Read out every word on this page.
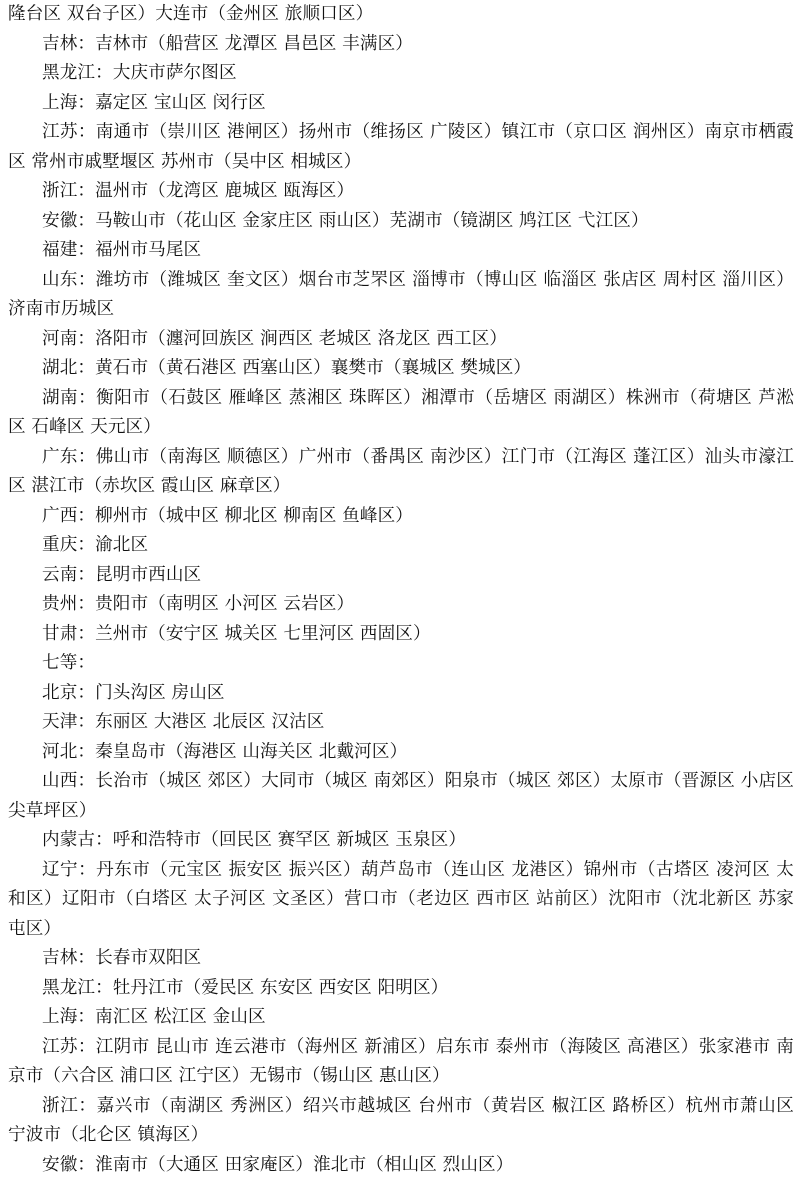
隆台区 双台子区）大连市（金州区 旅顺口区）

吉林：吉林市（船营区 龙潭区 昌邑区 丰满区）

黑龙江：大庆市萨尔图区

上海：嘉定区 宝山区 闵行区

江苏：南通市（崇川区 港闸区）扬州市（维扬区 广陵区）镇江市（京口区 润州区）南京市栖霞区 常州市戚墅堰区 苏州市（吴中区 相城区）

浙江：温州市（龙湾区 鹿城区 瓯海区）

安徽：马鞍山市（花山区 金家庄区 雨山区）芜湖市（镜湖区 鸠江区 弋江区）

福建：福州市马尾区

山东：潍坊市（潍城区 奎文区）烟台市芝罘区 淄博市（博山区 临淄区 张店区 周村区 淄川区）济南市历城区

河南：洛阳市（瀍河回族区 涧西区 老城区 洛龙区 西工区）

湖北：黄石市（黄石港区 西塞山区）襄樊市（襄城区 樊城区）

湖南：衡阳市（石鼓区 雁峰区 蒸湘区 珠晖区）湘潭市（岳塘区 雨湖区）株洲市（荷塘区 芦淞区 石峰区 天元区）

广东：佛山市（南海区 顺德区）广州市（番禺区 南沙区）江门市（江海区 蓬江区）汕头市濠江区 湛江市（赤坎区 霞山区 麻章区）

广西：柳州市（城中区 柳北区 柳南区 鱼峰区）

重庆：渝北区

云南：昆明市西山区

贵州：贵阳市（南明区 小河区 云岩区）

甘肃：兰州市（安宁区 城关区 七里河区 西固区）

七等：

北京：门头沟区 房山区

天津：东丽区 大港区 北辰区 汉沽区

河北：秦皇岛市（海港区 山海关区 北戴河区）

山西：长治市（城区 郊区）大同市（城区 南郊区）阳泉市（城区 郊区）太原市（晋源区 小店区 尖草坪区）

内蒙古：呼和浩特市（回民区 赛罕区 新城区 玉泉区）

辽宁：丹东市（元宝区 振安区 振兴区）葫芦岛市（连山区 龙港区）锦州市（古塔区 凌河区 太和区）辽阳市（白塔区 太子河区 文圣区）营口市（老边区 西市区 站前区）沈阳市（沈北新区 苏家屯区）

吉林：长春市双阳区

黑龙江：牡丹江市（爱民区 东安区 西安区 阳明区）

上海：南汇区 松江区 金山区

江苏：江阴市 昆山市 连云港市（海州区 新浦区）启东市 泰州市（海陵区 高港区）张家港市 南京市（六合区 浦口区 江宁区）无锡市（锡山区 惠山区）

浙江：嘉兴市（南湖区 秀洲区）绍兴市越城区 台州市（黄岩区 椒江区 路桥区）杭州市萧山区 宁波市（北仑区 镇海区）

安徽：淮南市（大通区 田家庵区）淮北市（相山区 烈山区）
